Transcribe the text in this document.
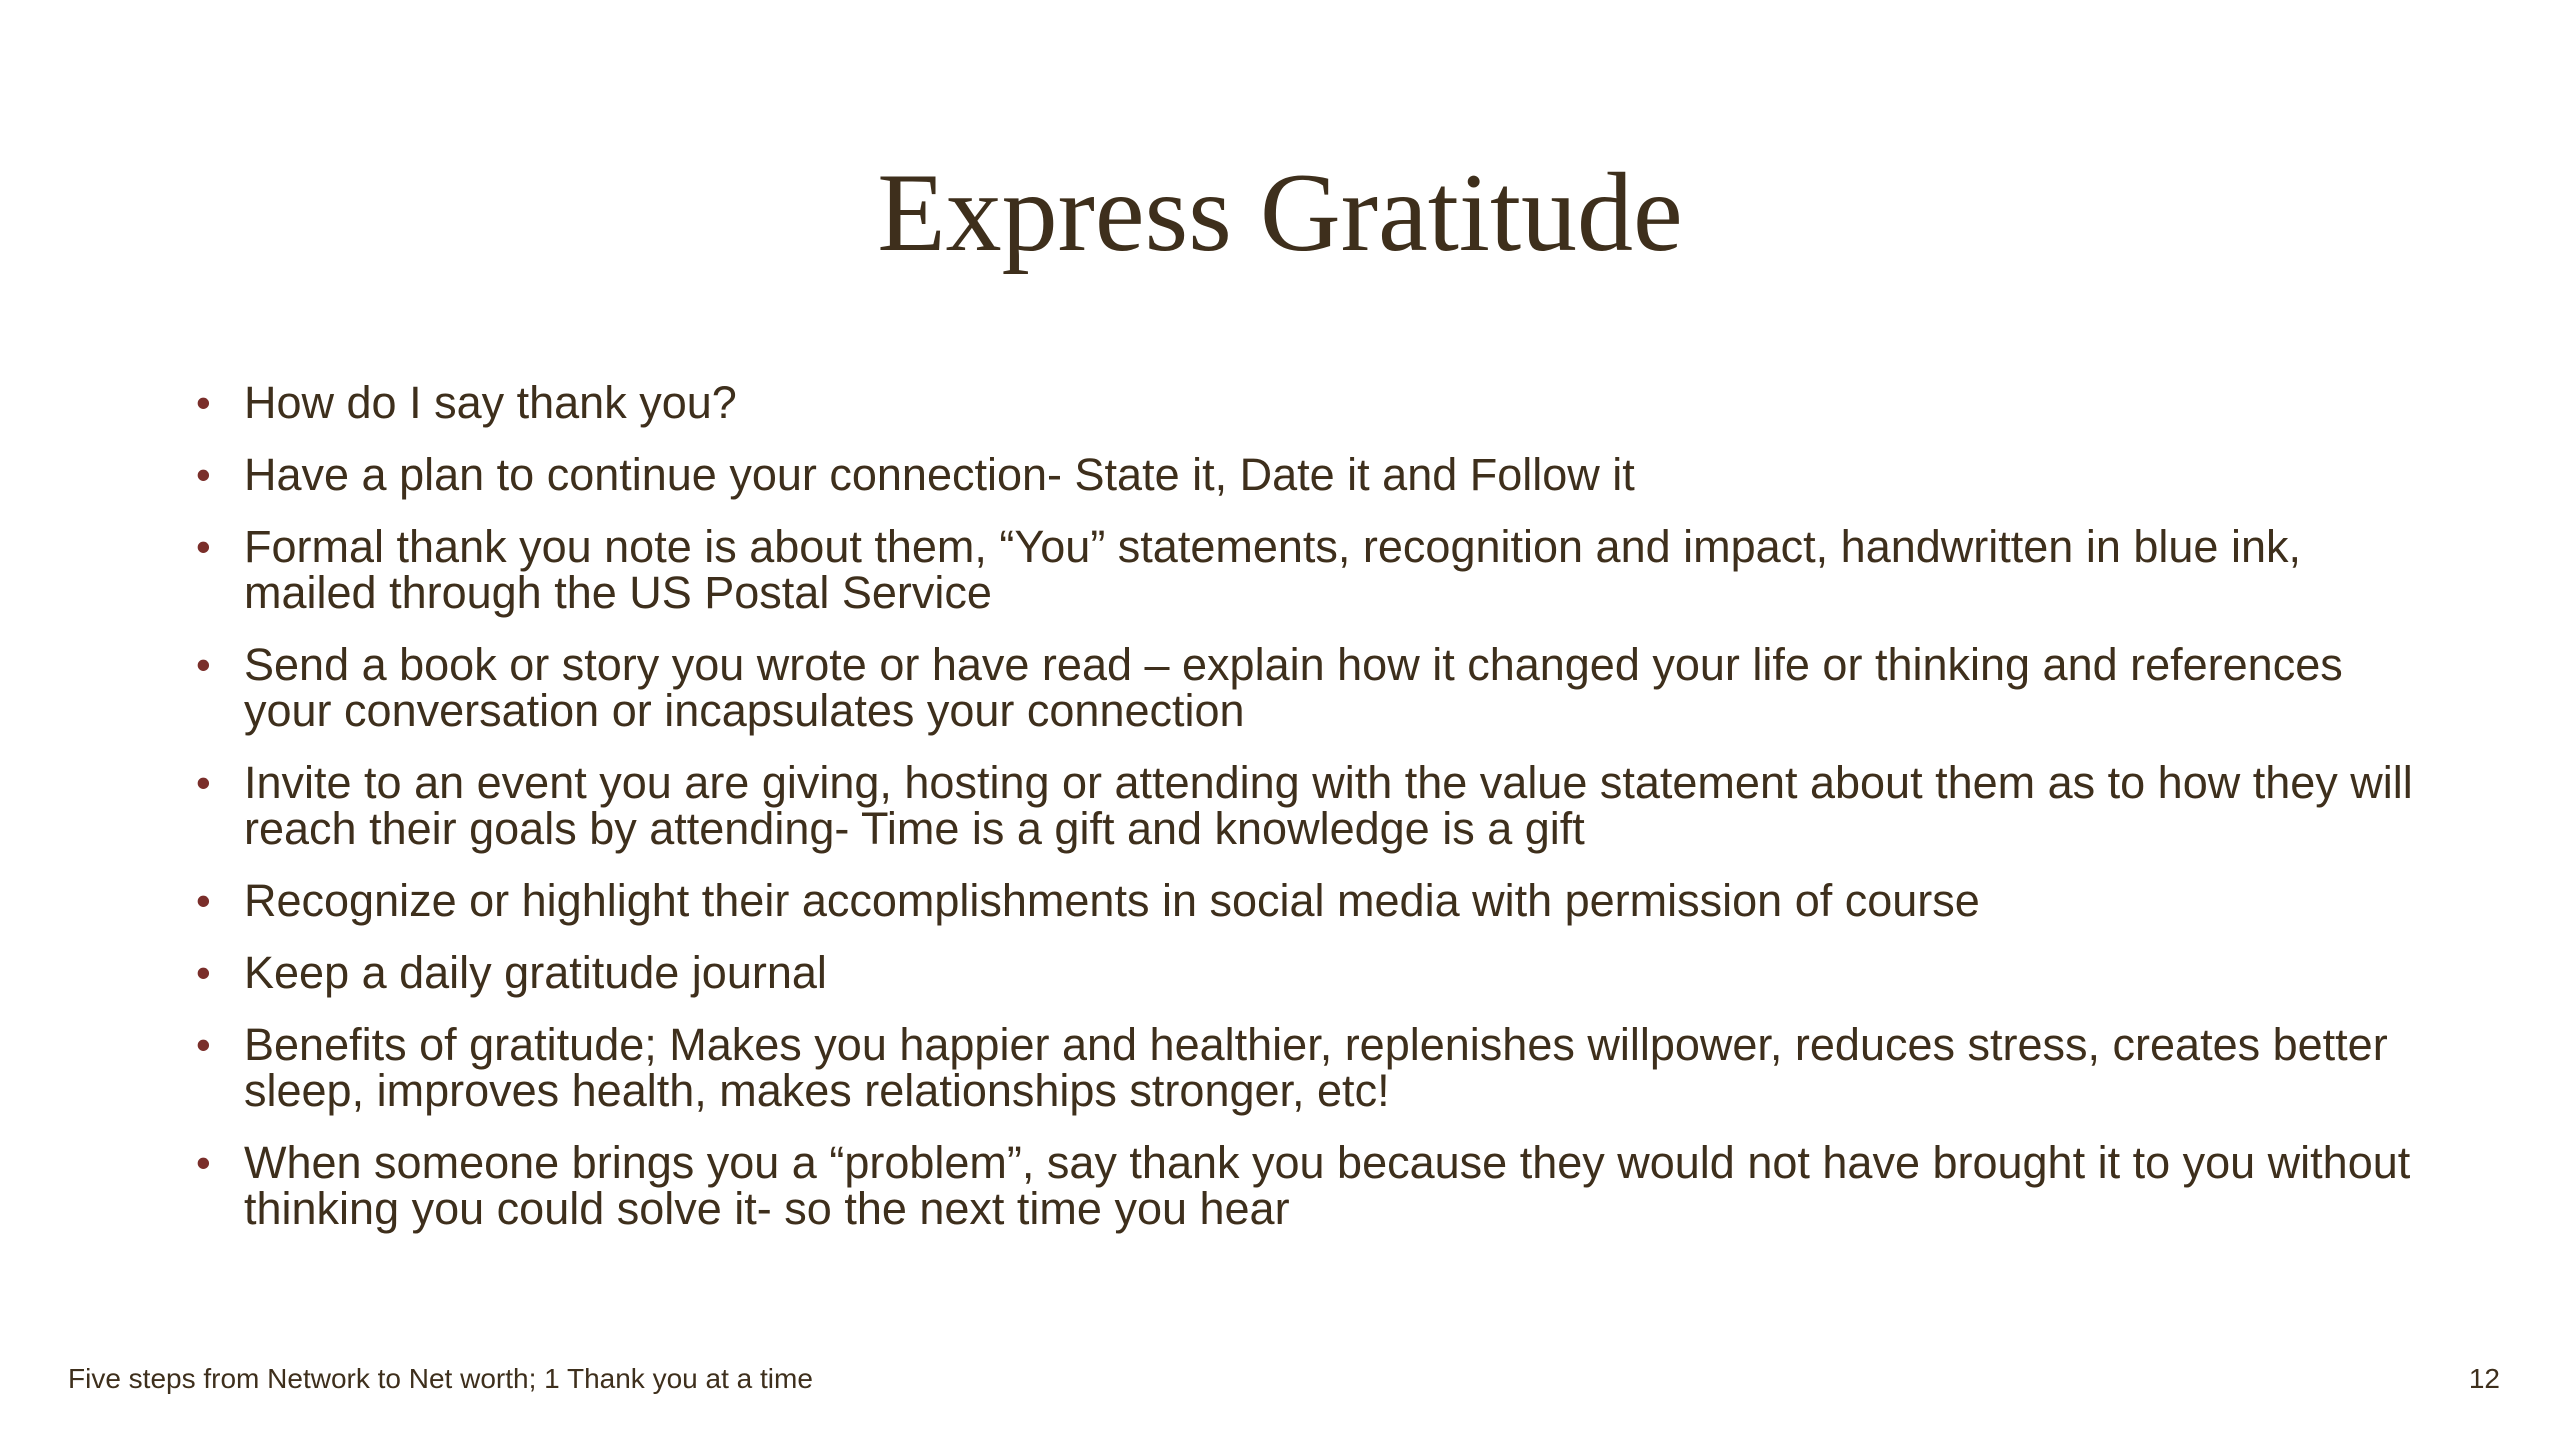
Express Gratitude
• How do I say thank you?
• Have a plan to continue your connection- State it, Date it and Follow it
• Formal thank you note is about them, “You” statements, recognition and impact, handwritten in blue ink, mailed through the US Postal Service
• Send a book or story you wrote or have read – explain how it changed your life or thinking and references your conversation or incapsulates your connection
• Invite to an event you are giving, hosting or attending with the value statement about them as to how they will reach their goals by attending- Time is a gift and knowledge is a gift
• Recognize or highlight their accomplishments in social media with permission of course
• Keep a daily gratitude journal
• Benefits of gratitude; Makes you happier and healthier, replenishes willpower, reduces stress, creates better sleep, improves health, makes relationships stronger, etc!
• When someone brings you a “problem”, say thank you because they would not have brought it to you without thinking you could solve it- so the next time you hear
Five steps from Network to Net worth; 1 Thank you at a time	12
